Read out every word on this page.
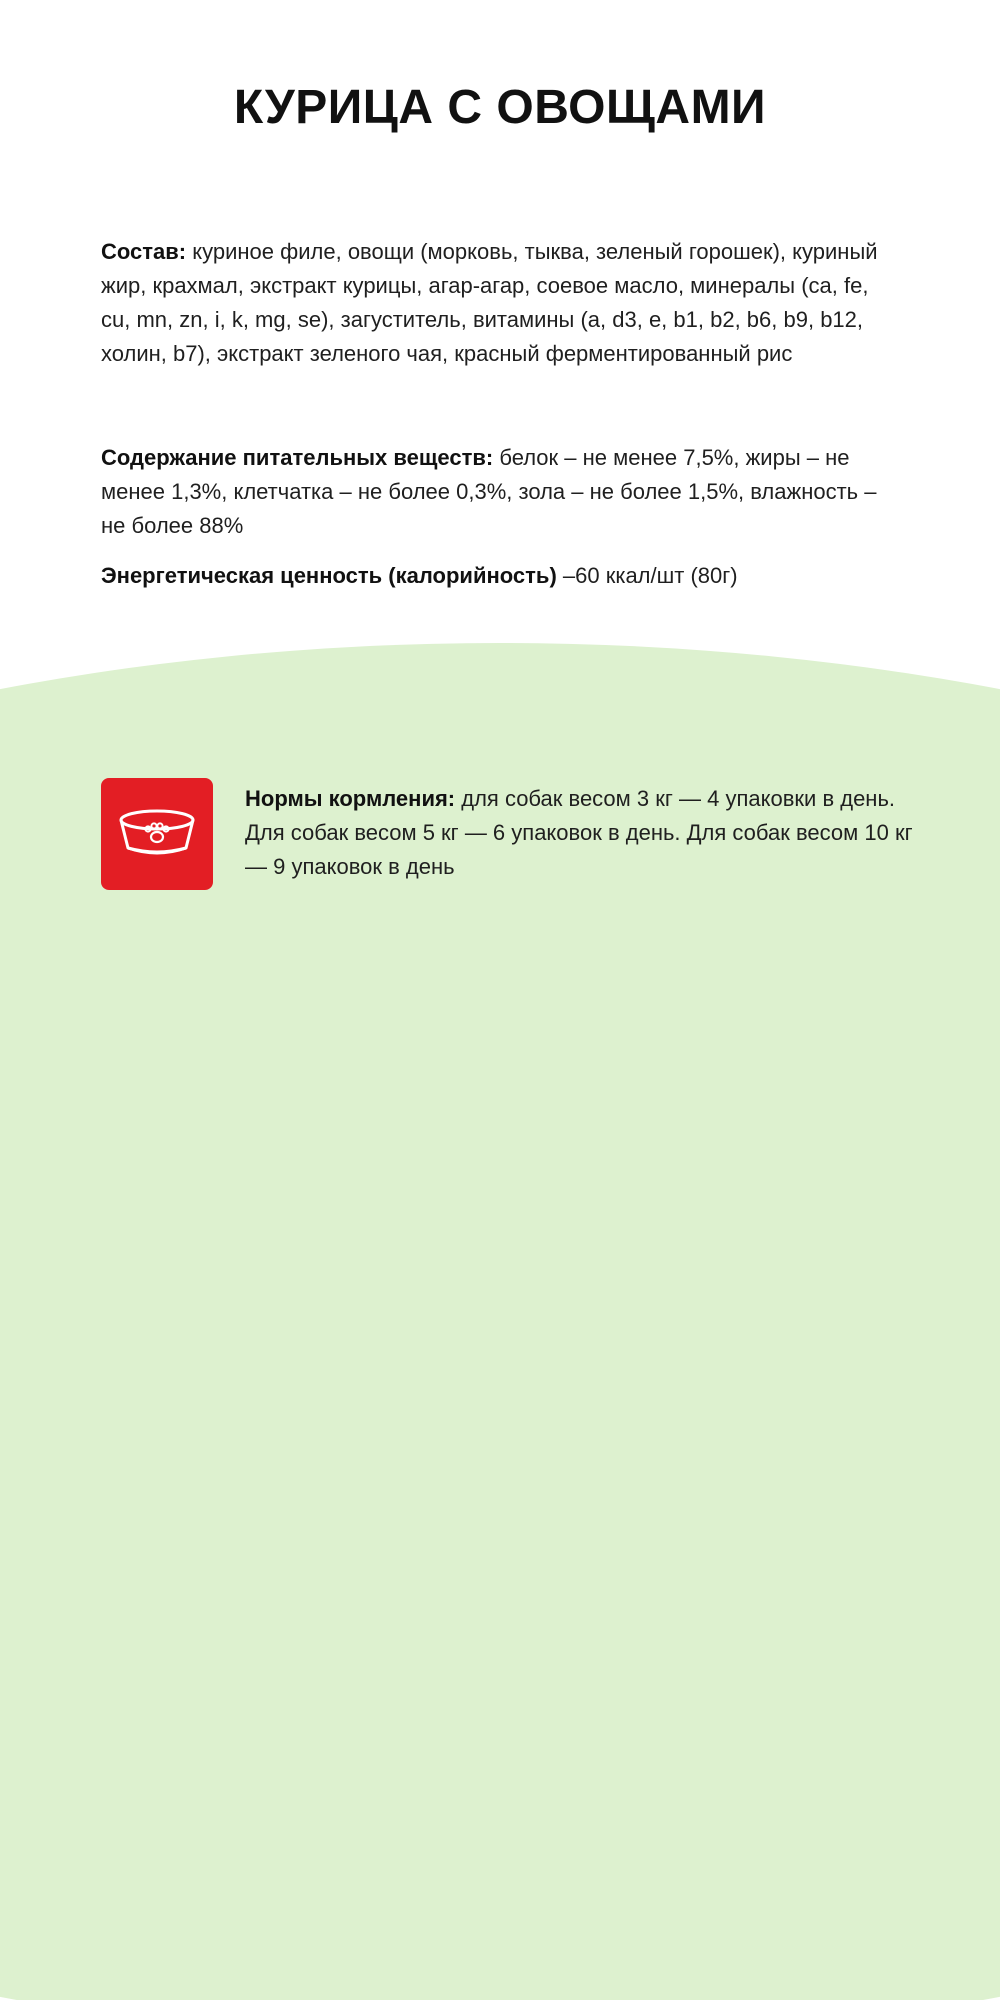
КУРИЦА С ОВОЩАМИ
Состав: куриное филе, овощи (морковь, тыква, зеленый горошек), куриный жир, крахмал, экстракт курицы, агар-агар, соевое масло, минералы (ca, fe, cu, mn, zn, i, k, mg, se), загуститель, витамины (a, d3, e, b1, b2, b6, b9, b12, холин, b7), экстракт зеленого чая, красный ферментированный рис
Содержание питательных веществ: белок – не менее 7,5%, жиры – не менее 1,3%, клетчатка – не более 0,3%, зола – не более 1,5%, влажность – не более 88%
Энергетическая ценность (калорийность) –60 ккал/шт (80г)
Нормы кормления: для собак весом 3 кг — 4 упаковки в день. Для собак весом 5 кг — 6 упаковок в день. Для собак весом 10 кг — 9 упаковок в день
